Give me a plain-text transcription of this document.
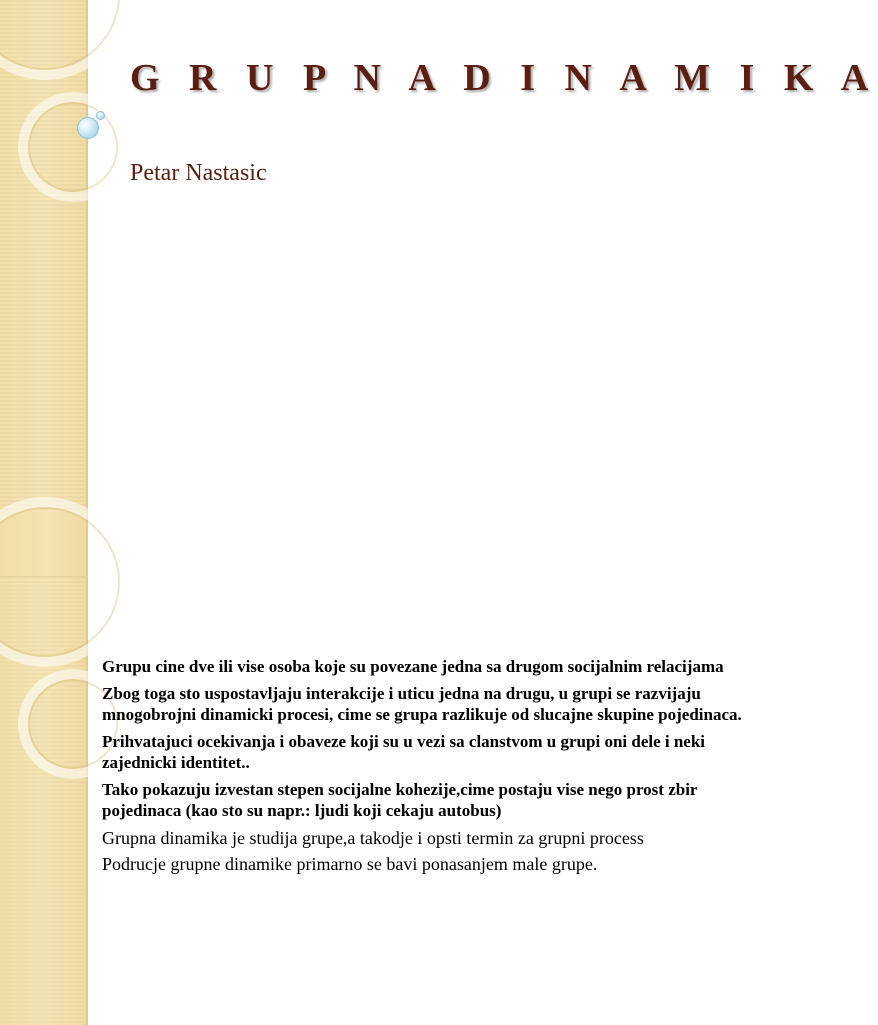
G R U P N A D I N A M I K A
Petar Nastasic

Grupu cine dve ili vise osoba koje su povezane jedna sa drugom socijalnim relacijama

Zbog toga sto uspostavljaju interakcije i uticu jedna na drugu, u grupi se razvijaju mnogobrojni dinamicki procesi, cime se grupa razlikuje od slucajne skupine pojedinaca.

Prihvatajuci ocekivanja i obaveze koji su u vezi sa clanstvom u grupi oni dele i neki zajednicki identitet..

Tako pokazuju izvestan stepen socijalne kohezije,cime postaju vise nego prost zbir pojedinaca (kao sto su napr.: ljudi koji cekaju autobus)

Grupna dinamika je studija grupe,a takodje i opsti termin za grupni process

Podrucje grupne dinamike primarno se bavi ponasanjem male grupe.
